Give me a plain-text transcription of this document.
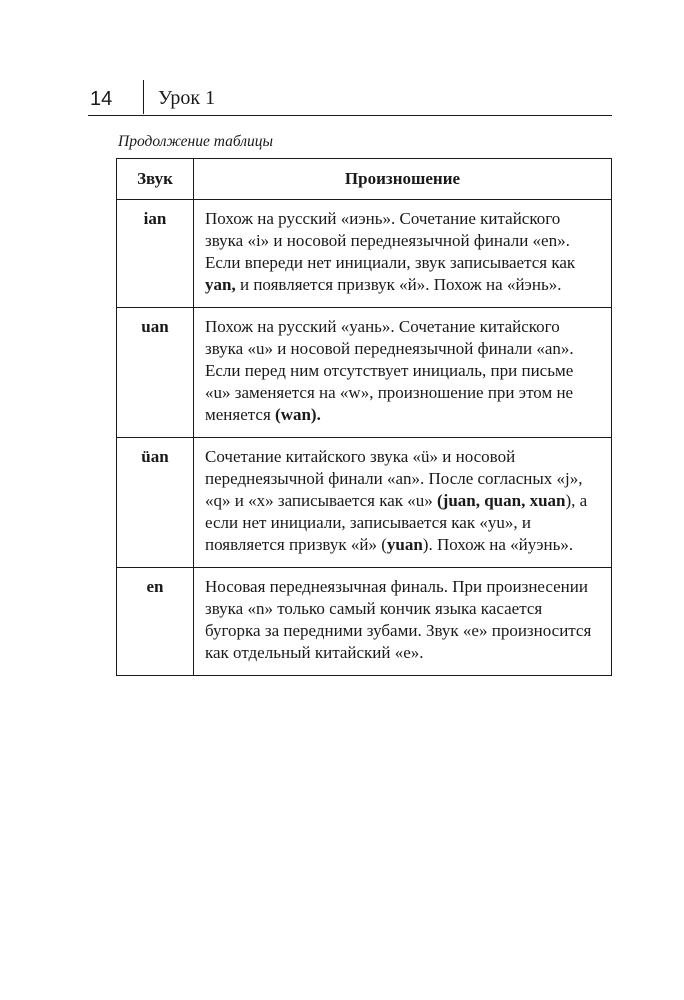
14 Урок 1
Продолжение таблицы
Звук	Произношение
ian	Похож на русский «иэнь». Сочетание китайского звука «i» и носовой переднеязычной финали «en». Если впереди нет инициали, звук записывается как yan, и появляется призвук «й». Похож на «йэнь».
uan	Похож на русский «уань». Сочетание китайского звука «u» и носовой переднеязычной финали «an». Если перед ним отсутствует инициаль, при письме «u» заменяется на «w», произношение при этом не меняется (wan).
üan	Сочетание китайского звука «ü» и носовой переднеязычной финали «an». После согласных «j», «q» и «x» записывается как «u» (juan, quan, xuan), а если нет инициали, записывается как «yu», и появляется призвук «й» (yuan). Похож на «йуэнь».
en	Носовая переднеязычная финаль. При произнесении звука «n» только самый кончик языка касается бугорка за передними зубами. Звук «e» произносится как отдельный китайский «e».
